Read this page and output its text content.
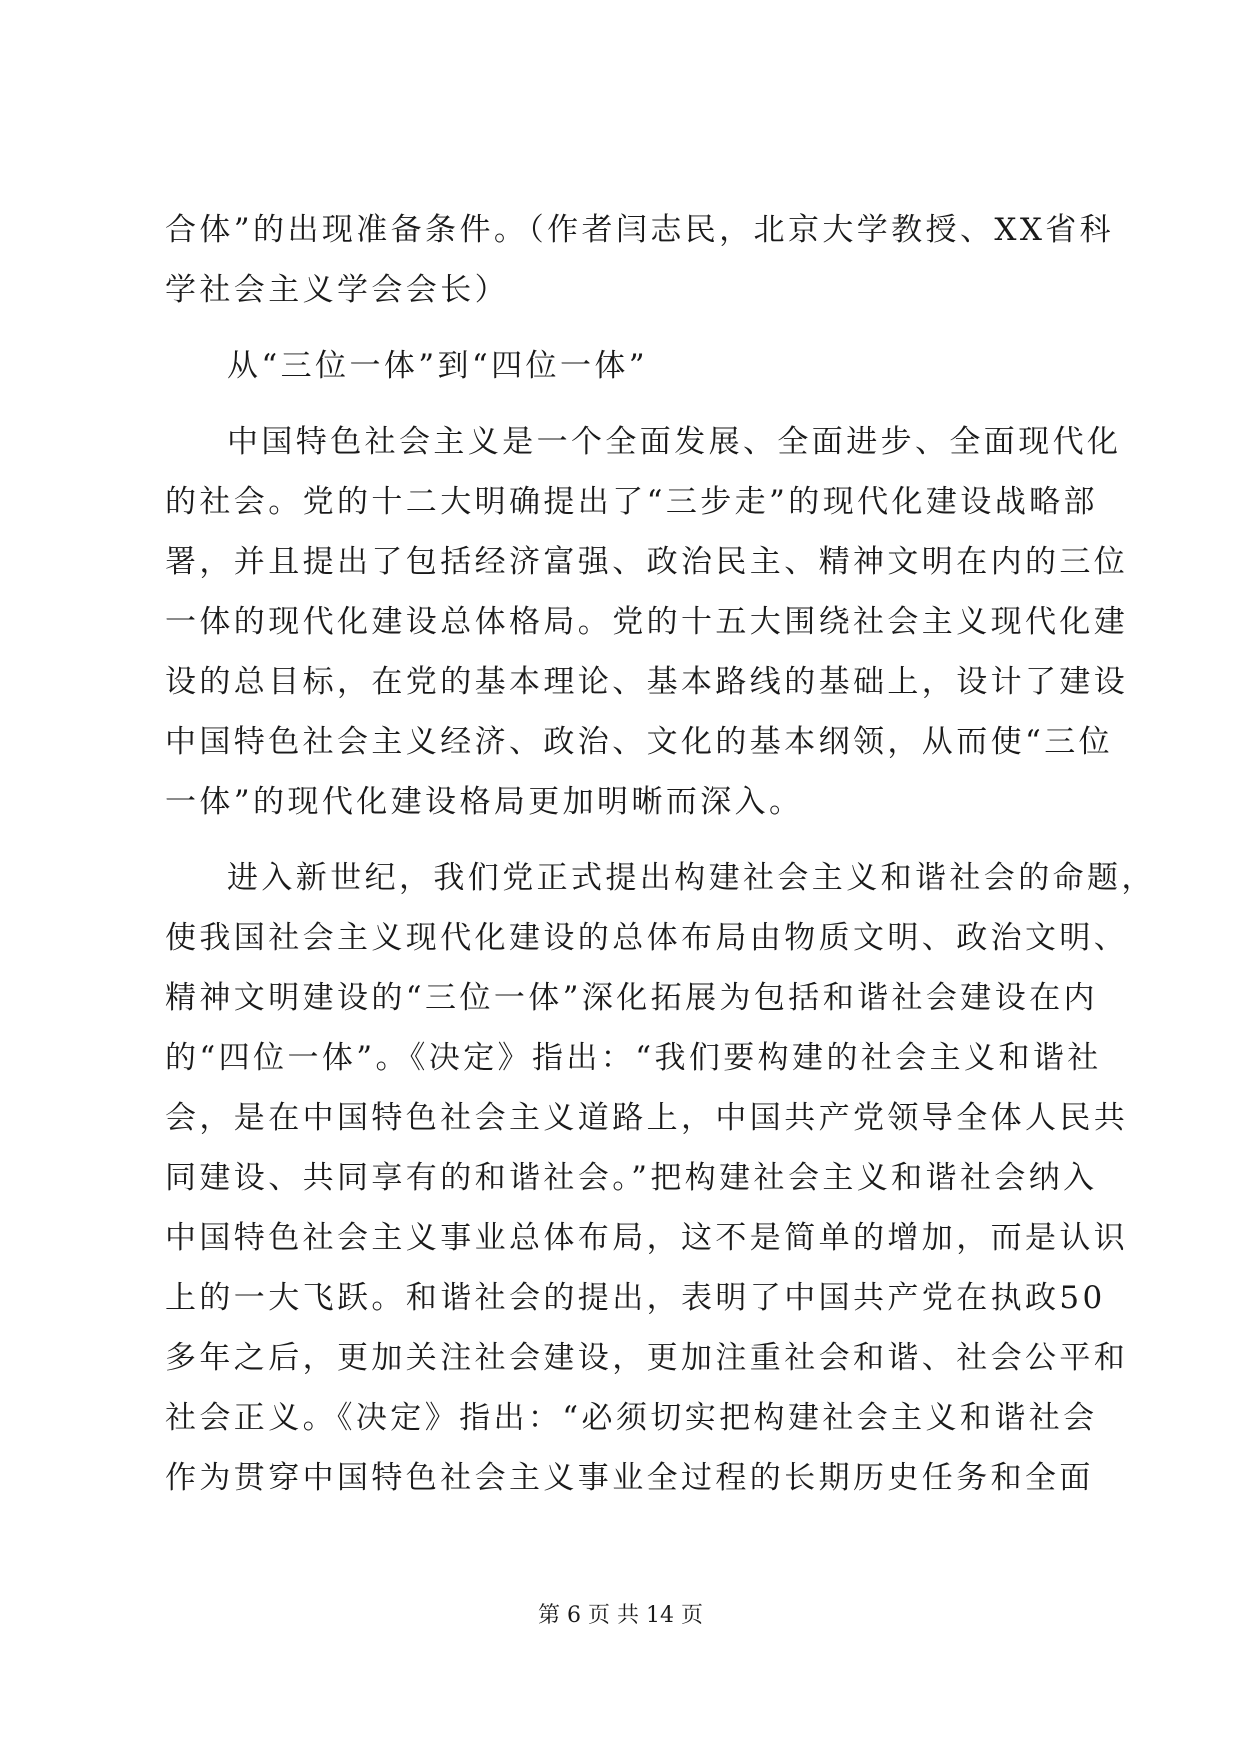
合体”的出现准备条件。（作者闫志民，北京大学教授、XX省科
学社会主义学会会长）
从“三位一体”到“四位一体”
中国特色社会主义是一个全面发展、全面进步、全面现代化
的社会。党的十二大明确提出了“三步走”的现代化建设战略部
署，并且提出了包括经济富强、政治民主、精神文明在内的三位
一体的现代化建设总体格局。党的十五大围绕社会主义现代化建
设的总目标，在党的基本理论、基本路线的基础上，设计了建设
中国特色社会主义经济、政治、文化的基本纲领，从而使“三位
一体”的现代化建设格局更加明晰而深入。
进入新世纪，我们党正式提出构建社会主义和谐社会的命题，
使我国社会主义现代化建设的总体布局由物质文明、政治文明、
精神文明建设的“三位一体”深化拓展为包括和谐社会建设在内
的“四位一体”。《决定》指出：“我们要构建的社会主义和谐社
会，是在中国特色社会主义道路上，中国共产党领导全体人民共
同建设、共同享有的和谐社会。”把构建社会主义和谐社会纳入
中国特色社会主义事业总体布局，这不是简单的增加，而是认识
上的一大飞跃。和谐社会的提出，表明了中国共产党在执政50
多年之后，更加关注社会建设，更加注重社会和谐、社会公平和
社会正义。《决定》指出：“必须切实把构建社会主义和谐社会
作为贯穿中国特色社会主义事业全过程的长期历史任务和全面
第 6 页 共 14 页
